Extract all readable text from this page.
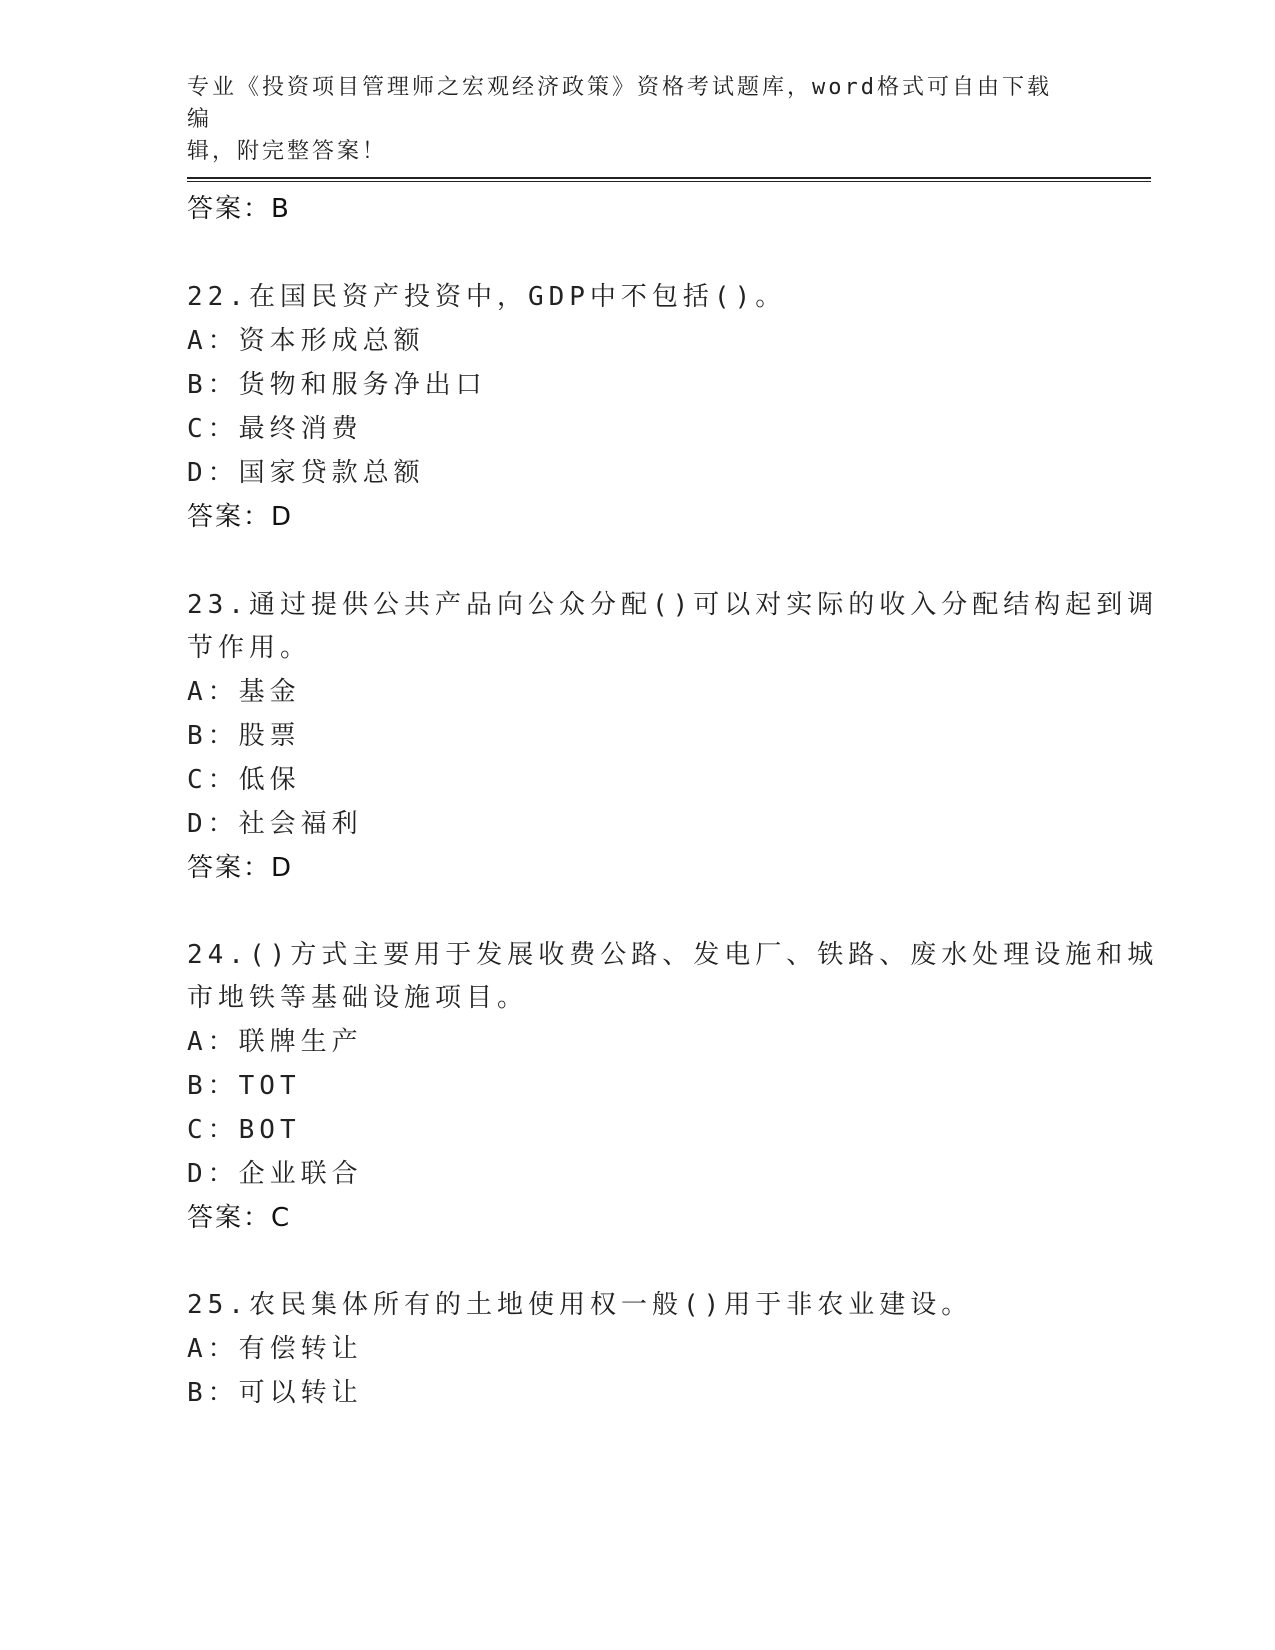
专业《投资项目管理师之宏观经济政策》资格考试题库，word格式可自由下载编
辑，附完整答案！
答案：B
22.在国民资产投资中，GDP中不包括()。
A：资本形成总额
B：货物和服务净出口
C：最终消费
D：国家贷款总额
答案：D
23.通过提供公共产品向公众分配()可以对实际的收入分配结构起到调
节作用。
A：基金
B：股票
C：低保
D：社会福利
答案：D
24.()方式主要用于发展收费公路、发电厂、铁路、废水处理设施和城
市地铁等基础设施项目。
A：联牌生产
B：TOT
C：BOT
D：企业联合
答案：C
25.农民集体所有的土地使用权一般()用于非农业建设。
A：有偿转让
B：可以转让
